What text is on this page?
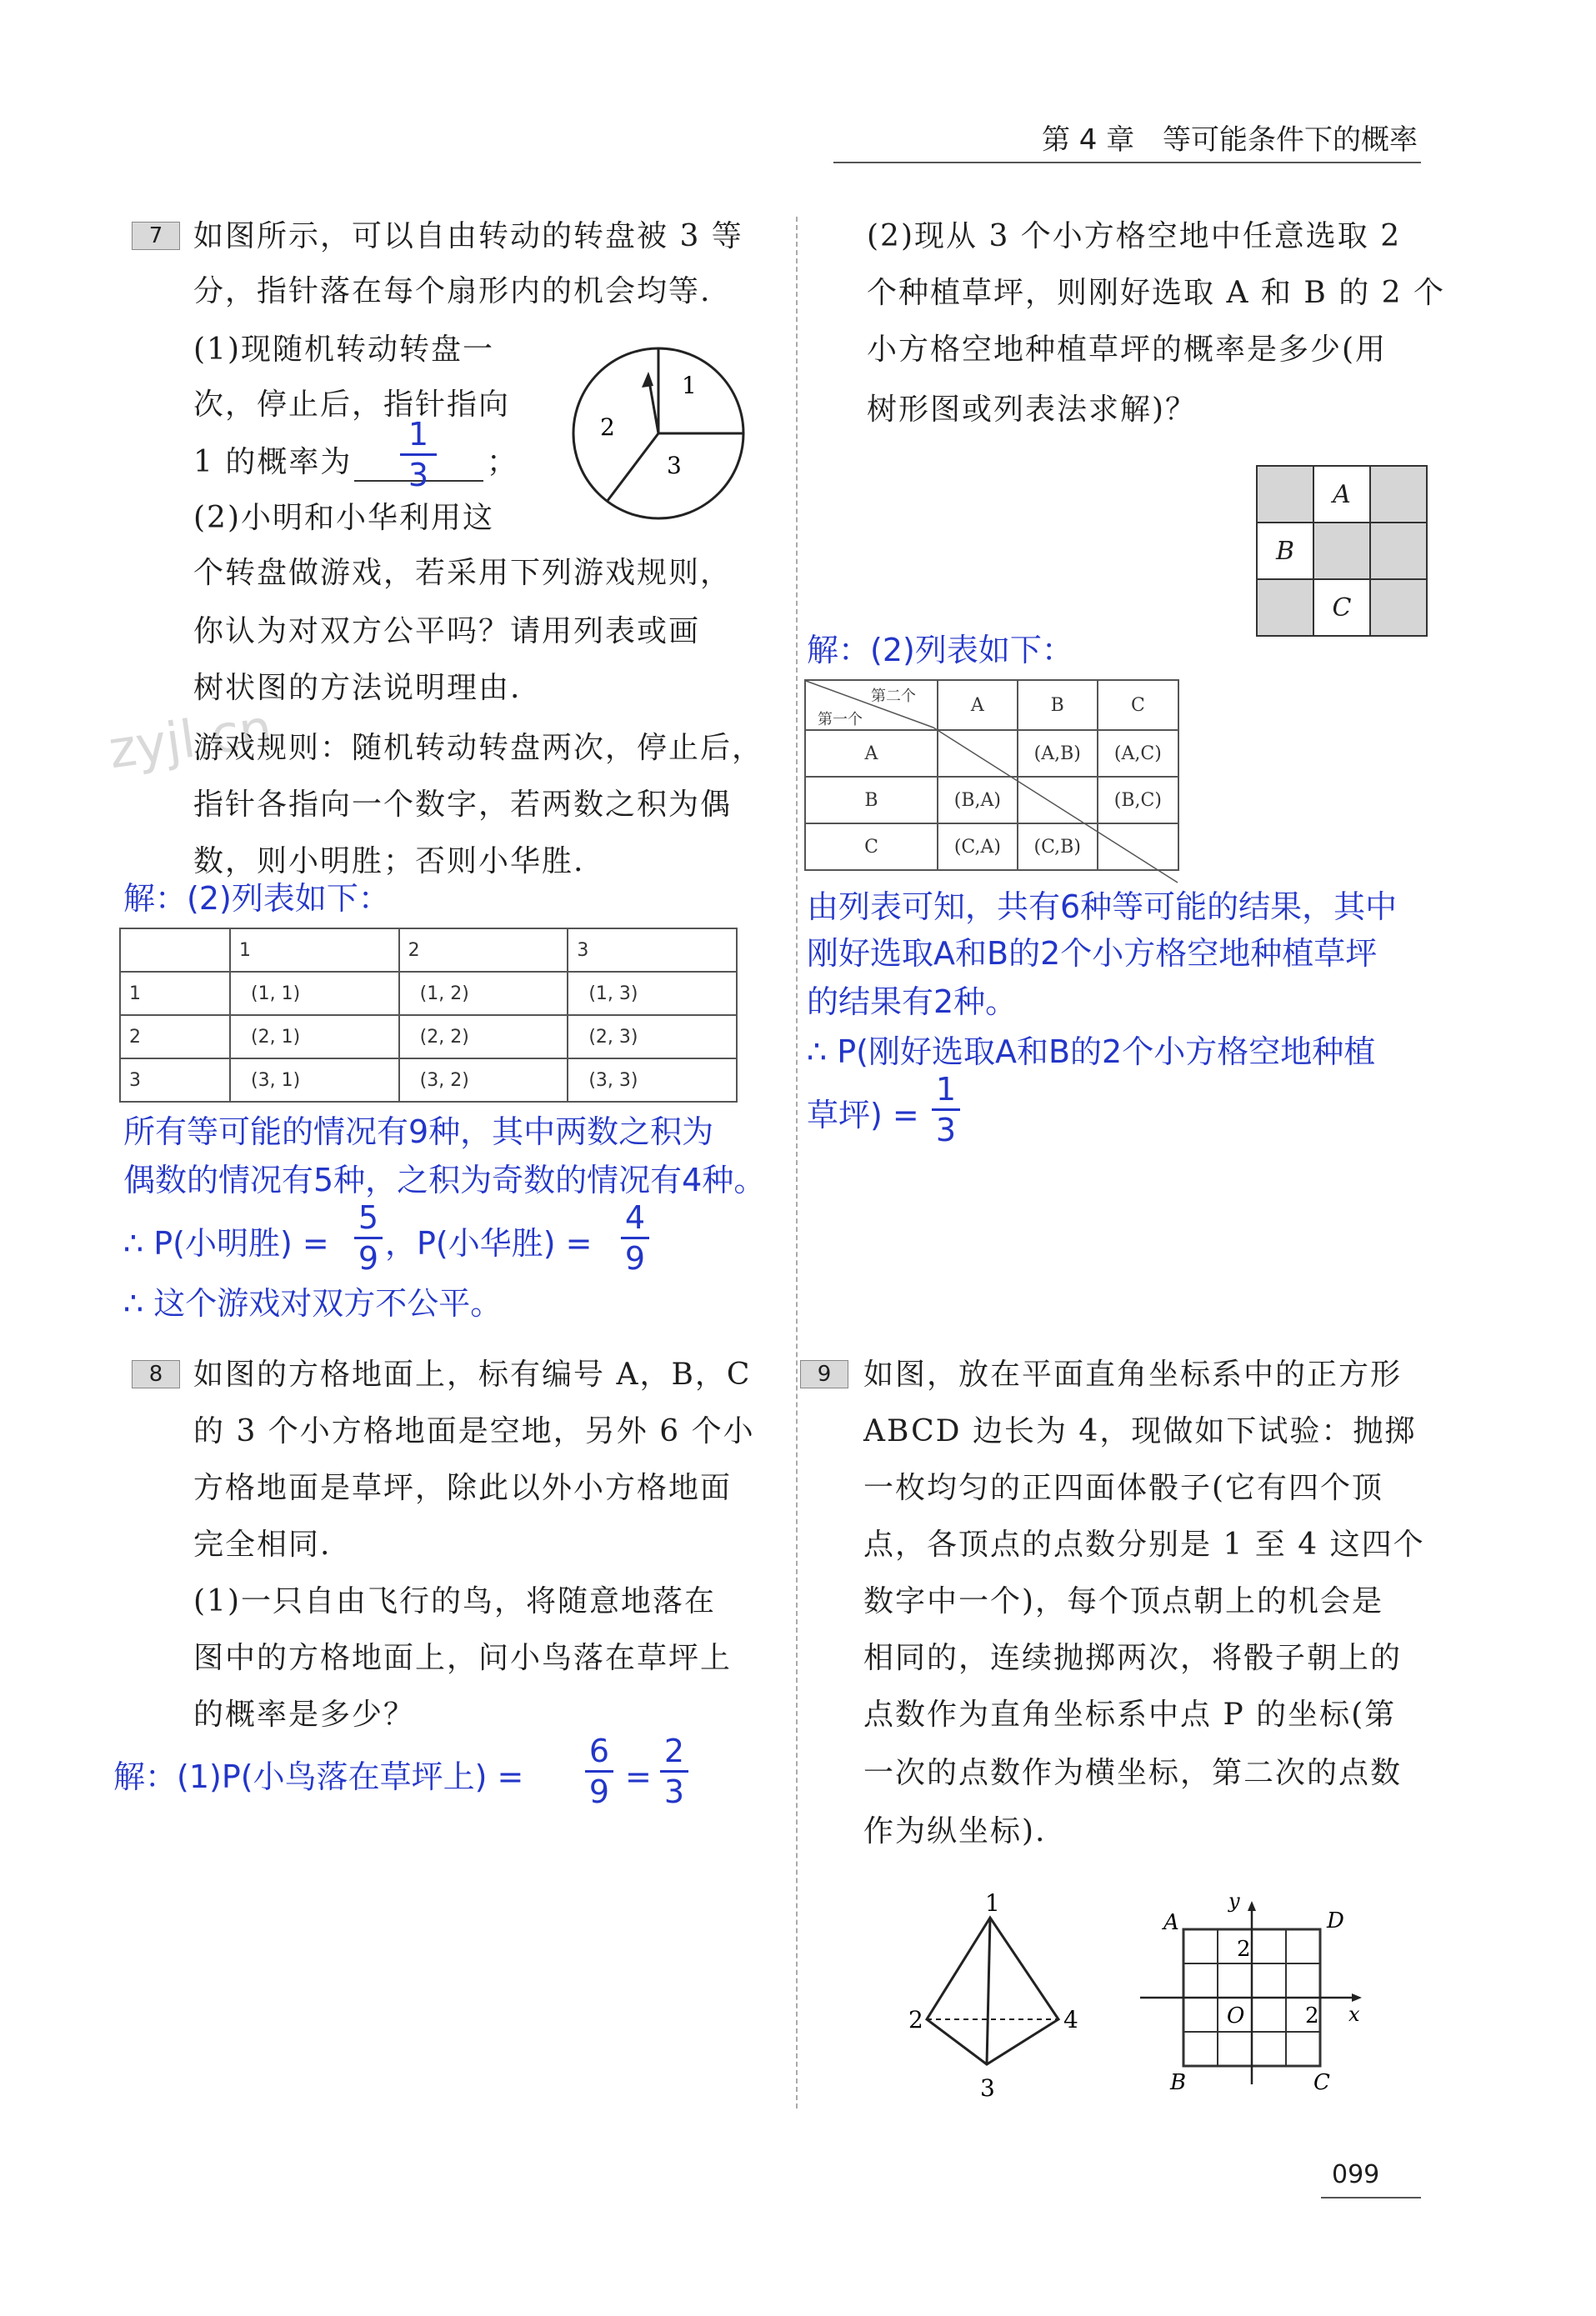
第 4 章 等可能条件下的概率
zyjl.cn
7	如图所示，可以自由转动的转盘被 3 等
分，指针落在每个扇形内的机会均等.
(1)现随机转动转盘一
次，停止后，指针指向
1 的概率为
1
3 ；
(2)小明和小华利用这
个转盘做游戏，若采用下列游戏规则，
你认为对双方公平吗？请用列表或画
树状图的方法说明理由.
游戏规则：随机转动转盘两次，停止后，
指针各指向一个数字，若两数之积为偶
数，则小明胜；否则小华胜.
1
2
3
解：(2)列表如下：
	1	2	3
1	(1, 1)	(1, 2)	(1, 3)
2	(2, 1)	(2, 2)	(2, 3)
3	(3, 1)	(3, 2)	(3, 3)
所有等可能的情况有9种，其中两数之积为
偶数的情况有5种，之积为奇数的情况有4种。
∴ P(小明胜) =
5
9 ，P(小华胜) =
4
9
∴ 这个游戏对双方不公平。
(2)现从 3 个小方格空地中任意选取 2
个种植草坪，则刚好选取 A 和 B 的 2 个
小方格空地种植草坪的概率是多少(用
树形图或列表法求解)？
	A	
B		
	C	
解：(2)列表如下：
第二个
第一个	A	B	C
A		(A,B)	(A,C)
B	(B,A)		(B,C)
C	(C,A)	(C,B)	
由列表可知，共有6种等可能的结果，其中
刚好选取A和B的2个小方格空地种植草坪
的结果有2种。
∴ P(刚好选取A和B的2个小方格空地种植
草坪) =
1
3
8	如图的方格地面上，标有编号 A，B，C
的 3 个小方格地面是空地，另外 6 个小
方格地面是草坪，除此以外小方格地面
完全相同.
(1)一只自由飞行的鸟，将随意地落在
图中的方格地面上，问小鸟落在草坪上
的概率是多少？
解：(1)P(小鸟落在草坪上) =
6
9 =
2
3
9	如图，放在平面直角坐标系中的正方形
ABCD 边长为 4，现做如下试验：抛掷
一枚均匀的正四面体骰子(它有四个顶
点，各顶点的点数分别是 1 至 4 这四个
数字中一个)，每个顶点朝上的机会是
相同的，连续抛掷两次，将骰子朝上的
点数作为直角坐标系中点 P 的坐标(第
一次的点数作为横坐标，第二次的点数
作为纵坐标).
1
2	4
3
A	D
B	C
y
x
O
2
2
099
